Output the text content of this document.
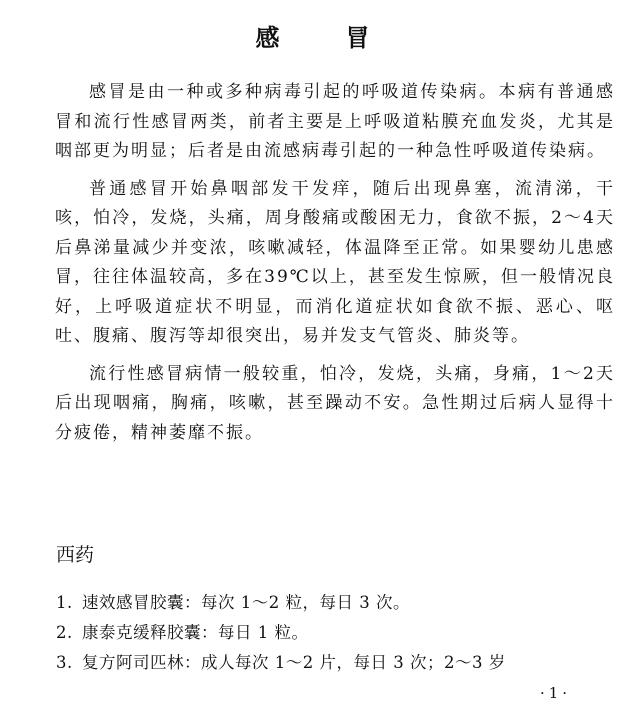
感冒

感冒是由一种或多种病毒引起的呼吸道传染病。本病有普通感冒和流行性感冒两类，前者主要是上呼吸道粘膜充血发炎，尤其是咽部更为明显；后者是由流感病毒引起的一种急性呼吸道传染病。

普通感冒开始鼻咽部发干发痒，随后出现鼻塞，流清涕，干咳，怕冷，发烧，头痛，周身酸痛或酸困无力，食欲不振，2～4天后鼻涕量减少并变浓，咳嗽减轻，体温降至正常。如果婴幼儿患感冒，往往体温较高，多在39℃以上，甚至发生惊厥，但一般情况良好，上呼吸道症状不明显，而消化道症状如食欲不振、恶心、呕吐、腹痛、腹泻等却很突出，易并发支气管炎、肺炎等。

流行性感冒病情一般较重，怕冷，发烧，头痛，身痛，1～2天后出现咽痛，胸痛，咳嗽，甚至躁动不安。急性期过后病人显得十分疲倦，精神萎靡不振。

西药
1. 速效感冒胶囊：每次 1～2 粒，每日 3 次。
2. 康泰克缓释胶囊：每日 1 粒。
3. 复方阿司匹林：成人每次 1～2 片，每日 3 次；2～3 岁
·1·
